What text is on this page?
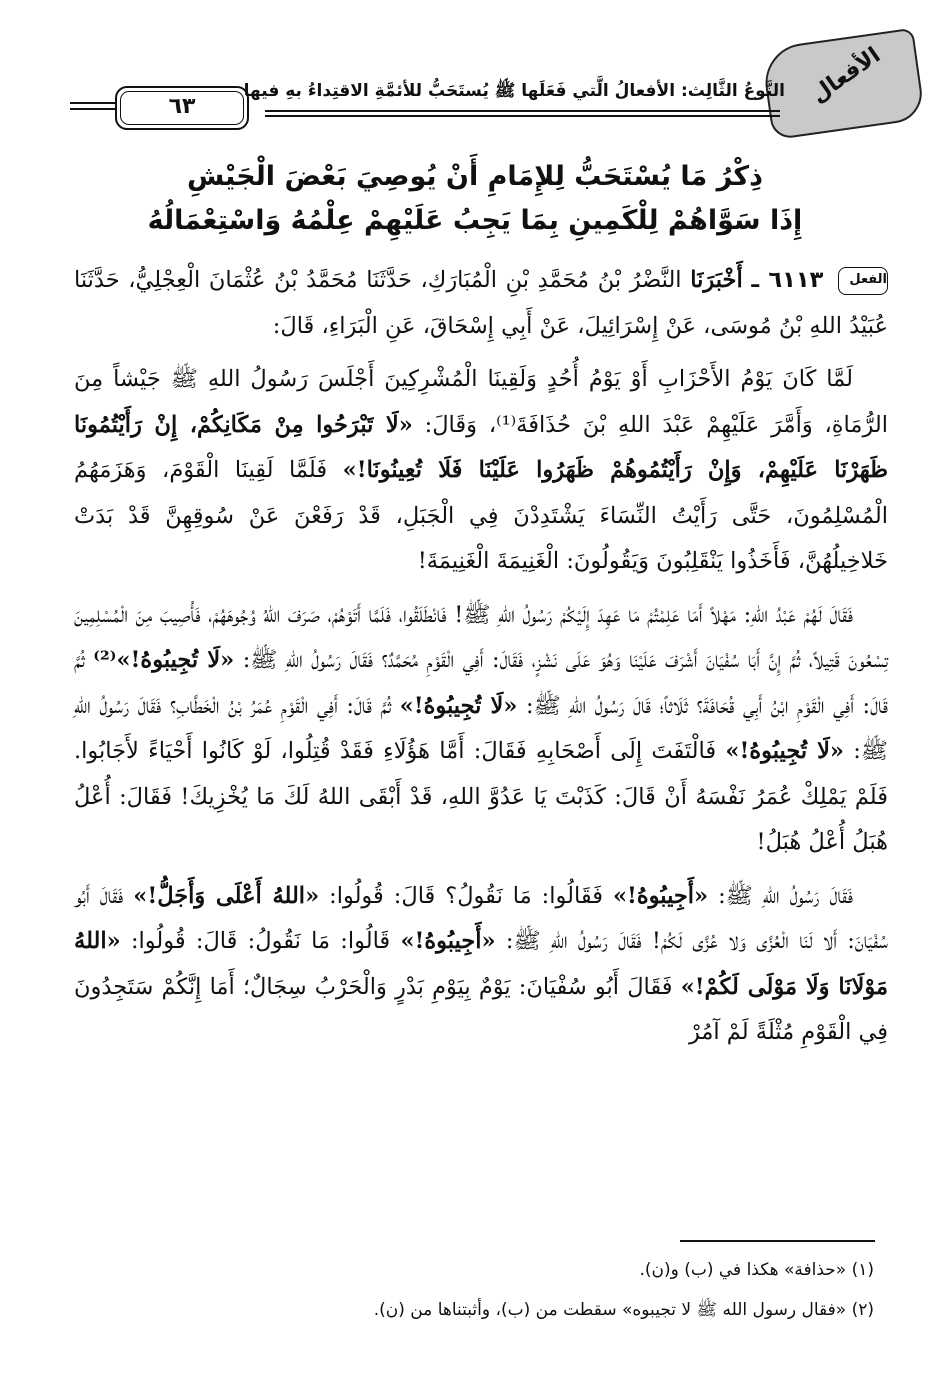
الأفعال
النَّوعُ الثَّالِث: الأفعالُ الَّتي فَعَلَها ﷺ يُستَحَبُّ للأئمَّةِ الاقتِداءُ بهِ فيها
٦٣
ذِكْرُ مَا يُسْتَحَبُّ لِلإِمَامِ أَنْ يُوصِيَ بَعْضَ الْجَيْشِ
إِذَا سَوَّاهُمْ لِلْكَمِينِ بِمَا يَجِبُ عَلَيْهِمْ عِلْمُهُ وَاسْتِعْمَالُهُ

الفعل ٦١١٣ ـ أَخْبَرَنَا النَّضْرُ بْنُ مُحَمَّدِ بْنِ الْمُبَارَكِ، حَدَّثَنَا مُحَمَّدُ بْنُ عُثْمَانَ الْعِجْلِيُّ، حَدَّثَنَا عُبَيْدُ اللهِ بْنُ مُوسَى، عَنْ إِسْرَائِيلَ، عَنْ أَبِي إِسْحَاقَ، عَنِ الْبَرَاءِ، قَالَ:

لَمَّا كَانَ يَوْمُ الأَحْزَابِ أَوْ يَوْمُ أُحُدٍ وَلَقِينَا الْمُشْرِكِينَ أَجْلَسَ رَسُولُ اللهِ ﷺ جَيْشاً مِنَ الرُّمَاةِ، وَأَمَّرَ عَلَيْهِمْ عَبْدَ اللهِ بْنَ حُذَافَةَ⁽¹⁾، وَقَالَ: «لَا تَبْرَحُوا مِنْ مَكَانِكُمْ، إِنْ رَأَيْتُمُونَا ظَهَرْنَا عَلَيْهِمْ، وَإِنْ رَأَيْتُمُوهُمْ ظَهَرُوا عَلَيْنَا فَلَا تُعِينُونَا!» فَلَمَّا لَقِينَا الْقَوْمَ، وَهَزَمَهُمُ الْمُسْلِمُونَ، حَتَّى رَأَيْتُ النِّسَاءَ يَشْتَدِدْنَ فِي الْجَبَلِ، قَدْ رَفَعْنَ عَنْ سُوقِهِنَّ قَدْ بَدَتْ خَلاخِيلُهُنَّ، فَأَخَذُوا يَنْقَلِبُونَ وَيَقُولُونَ: الْغَنِيمَةَ الْغَنِيمَةَ!

فَقَالَ لَهُمْ عَبْدُ اللهِ: مَهْلاً أَمَا عَلِمْتُمْ مَا عَهِدَ إِلَيْكُمْ رَسُولُ اللهِ ﷺ! فَانْطَلَقُوا، فَلَمَّا أَتَوْهُمْ، صَرَفَ اللهُ وُجُوهَهُمْ، فَأُصِيبَ مِنَ الْمُسْلِمِينَ تِسْعُونَ قَتِيلاً، ثُمَّ إِنَّ أَبَا سُفْيَانَ أَشْرَفَ عَلَيْنَا وَهُوَ عَلَى نَشْزٍ، فَقَالَ: أَفِي الْقَوْمِ مُحَمَّدٌ؟ فَقَالَ رَسُولُ اللهِ ﷺ: «لَا تُجِيبُوهُ!»⁽²⁾ ثُمَّ قَالَ: أَفِي الْقَوْمِ ابْنُ أَبِي قُحَافَةَ؟ ثَلَاثاً؛ قَالَ رَسُولُ اللهِ ﷺ: «لَا تُجِيبُوهُ!» ثُمَّ قَالَ: أَفِي الْقَوْمِ عُمَرُ بْنُ الْخَطَّابِ؟ فَقَالَ رَسُولُ اللهِ ﷺ: «لَا تُجِيبُوهُ!» فَالْتَفَتَ إِلَى أَصْحَابِهِ فَقَالَ: أَمَّا هَؤُلَاءِ فَقَدْ قُتِلُوا، لَوْ كَانُوا أَحْيَاءً لأَجَابُوا. فَلَمْ يَمْلِكْ عُمَرُ نَفْسَهُ أَنْ قَالَ: كَذَبْتَ يَا عَدُوَّ اللهِ، قَدْ أَبْقَى اللهُ لَكَ مَا يُخْزِيكَ! فَقَالَ: أُعْلُ هُبَلُ أُعْلُ هُبَلُ!

فَقَالَ رَسُولُ اللهِ ﷺ: «أَجِيبُوهُ!» فَقَالُوا: مَا نَقُولُ؟ قَالَ: قُولُوا: «اللهُ أَعْلَى وَأَجَلُّ!» فَقَالَ أَبُو سُفْيَانَ: أَلا لَنَا الْعُزَّى وَلا عُزَّى لَكُمْ! فَقَالَ رَسُولُ اللهِ ﷺ: «أَجِيبُوهُ!» قَالُوا: مَا نَقُولُ: قَالَ: قُولُوا: «اللهُ مَوْلَانَا وَلَا مَوْلَى لَكُمْ!» فَقَالَ أَبُو سُفْيَانَ: يَوْمٌ بِيَوْمِ بَدْرٍ وَالْحَرْبُ سِجَالٌ؛ أَمَا إِنَّكُمْ سَتَجِدُونَ فِي الْقَوْمِ مُثْلَةً لَمْ آمُرْ

(١) «حذافة» هكذا في (ب) و(ن).
(٢) «فقال رسول الله ﷺ لا تجيبوه» سقطت من (ب)، وأثبتناها من (ن).
